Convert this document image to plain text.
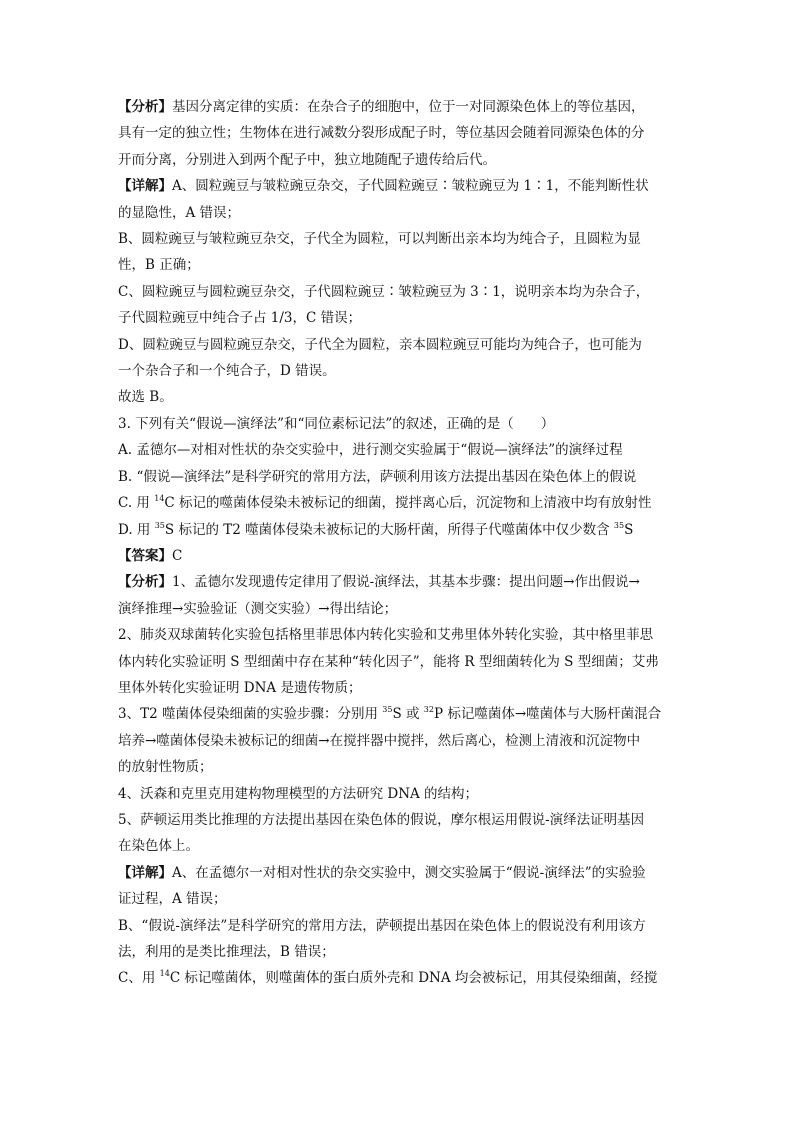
【分析】基因分离定律的实质：在杂合子的细胞中，位于一对同源染色体上的等位基因，

具有一定的独立性；生物体在进行减数分裂形成配子时，等位基因会随着同源染色体的分

开而分离，分别进入到两个配子中，独立地随配子遗传给后代。

【详解】A、圆粒豌豆与皱粒豌豆杂交，子代圆粒豌豆∶皱粒豌豆为 1∶1，不能判断性状

的显隐性，A 错误；

B、圆粒豌豆与皱粒豌豆杂交，子代全为圆粒，可以判断出亲本均为纯合子，且圆粒为显

性，B 正确；

C、圆粒豌豆与圆粒豌豆杂交，子代圆粒豌豆∶皱粒豌豆为 3∶1，说明亲本均为杂合子，

子代圆粒豌豆中纯合子占 1/3，C 错误；

D、圆粒豌豆与圆粒豌豆杂交，子代全为圆粒，亲本圆粒豌豆可能均为纯合子，也可能为

一个杂合子和一个纯合子，D 错误。

故选 B。

3. 下列有关“假说—演绎法”和“同位素标记法”的叙述，正确的是（　　）

A. 孟德尔—对相对性状的杂交实验中，进行测交实验属于“假说—演绎法”的演绎过程

B. “假说—演绎法”是科学研究的常用方法，萨顿利用该方法提出基因在染色体上的假说

C. 用 $^{14}$C 标记的噬菌体侵染未被标记的细菌，搅拌离心后，沉淀物和上清液中均有放射性

D. 用 $^{35}$S 标记的 T2 噬菌体侵染未被标记的大肠杆菌，所得子代噬菌体中仅少数含 $^{35}$S

【答案】C

【分析】1、孟德尔发现遗传定律用了假说-演绎法，其基本步骤：提出问题→作出假说→

演绎推理→实验验证（测交实验）→得出结论；

2、肺炎双球菌转化实验包括格里菲思体内转化实验和艾弗里体外转化实验，其中格里菲思

体内转化实验证明 S 型细菌中存在某种“转化因子”，能将 R 型细菌转化为 S 型细菌；艾弗

里体外转化实验证明 DNA 是遗传物质；

3、T2 噬菌体侵染细菌的实验步骤：分别用 $^{35}$S 或 $^{32}$P 标记噬菌体→噬菌体与大肠杆菌混合

培养→噬菌体侵染未被标记的细菌→在搅拌器中搅拌，然后离心，检测上清液和沉淀物中

的放射性物质；

4、沃森和克里克用建构物理模型的方法研究 DNA 的结构；

5、萨顿运用类比推理的方法提出基因在染色体的假说，摩尔根运用假说-演绎法证明基因

在染色体上。

【详解】A、在孟德尔一对相对性状的杂交实验中，测交实验属于“假说-演绎法”的实验验

证过程，A 错误；

B、“假说-演绎法”是科学研究的常用方法，萨顿提出基因在染色体上的假说没有利用该方

法，利用的是类比推理法，B 错误；

C、用 $^{14}$C 标记噬菌体，则噬菌体的蛋白质外壳和 DNA 均会被标记，用其侵染细菌，经搅
